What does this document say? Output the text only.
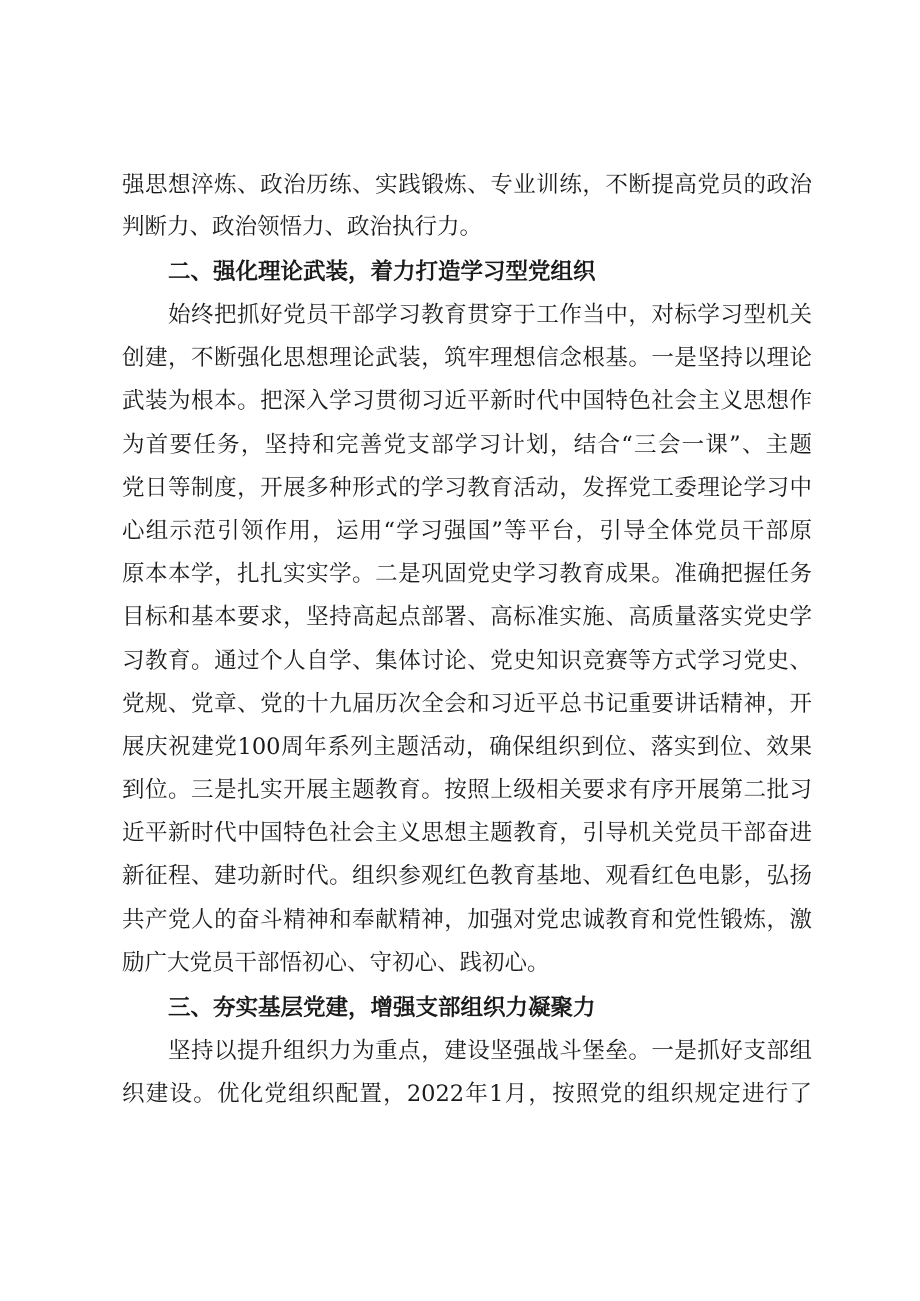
强思想淬炼、政治历练、实践锻炼、专业训练，不断提高党员的政治
判断力、政治领悟力、政治执行力。
二、强化理论武装，着力打造学习型党组织
始终把抓好党员干部学习教育贯穿于工作当中，对标学习型机关
创建，不断强化思想理论武装，筑牢理想信念根基。一是坚持以理论
武装为根本。把深入学习贯彻习近平新时代中国特色社会主义思想作
为首要任务，坚持和完善党支部学习计划，结合“三会一课”、主题
党日等制度，开展多种形式的学习教育活动，发挥党工委理论学习中
心组示范引领作用，运用“学习强国”等平台，引导全体党员干部原
原本本学，扎扎实实学。二是巩固党史学习教育成果。准确把握任务
目标和基本要求，坚持高起点部署、高标准实施、高质量落实党史学
习教育。通过个人自学、集体讨论、党史知识竞赛等方式学习党史、
党规、党章、党的十九届历次全会和习近平总书记重要讲话精神，开
展庆祝建党100周年系列主题活动，确保组织到位、落实到位、效果
到位。三是扎实开展主题教育。按照上级相关要求有序开展第二批习
近平新时代中国特色社会主义思想主题教育，引导机关党员干部奋进
新征程、建功新时代。组织参观红色教育基地、观看红色电影，弘扬
共产党人的奋斗精神和奉献精神，加强对党忠诚教育和党性锻炼，激
励广大党员干部悟初心、守初心、践初心。
三、夯实基层党建，增强支部组织力凝聚力
坚持以提升组织力为重点，建设坚强战斗堡垒。一是抓好支部组
织建设。优化党组织配置，2022年1月，按照党的组织规定进行了
